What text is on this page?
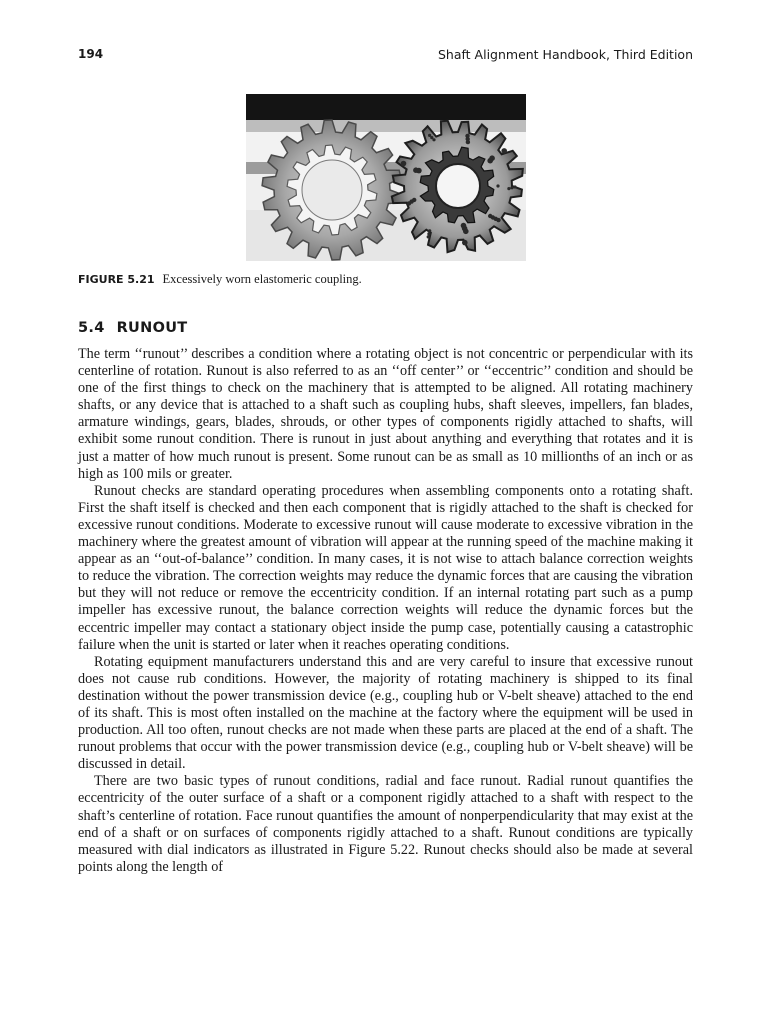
194	Shaft Alignment Handbook, Third Edition
FIGURE 5.21 Excessively worn elastomeric coupling.
5.4 RUNOUT

The term ‘‘runout’’ describes a condition where a rotating object is not concentric or perpendicular with its centerline of rotation. Runout is also referred to as an ‘‘off center’’ or ‘‘eccentric’’ condition and should be one of the first things to check on the machinery that is attempted to be aligned. All rotating machinery shafts, or any device that is attached to a shaft such as coupling hubs, shaft sleeves, impellers, fan blades, armature windings, gears, blades, shrouds, or other types of components rigidly attached to shafts, will exhibit some runout condition. There is runout in just about anything and everything that rotates and it is just a matter of how much runout is present. Some runout can be as small as 10 millionths of an inch or as high as 100 mils or greater.

Runout checks are standard operating procedures when assembling components onto a rotating shaft. First the shaft itself is checked and then each component that is rigidly attached to the shaft is checked for excessive runout conditions. Moderate to excessive runout will cause moderate to excessive vibration in the machinery where the greatest amount of vibration will appear at the running speed of the machine making it appear as an ‘‘out-of-balance’’ condition. In many cases, it is not wise to attach balance correction weights to reduce the vibration. The correction weights may reduce the dynamic forces that are causing the vibration but they will not reduce or remove the eccentricity condition. If an internal rotating part such as a pump impeller has excessive runout, the balance correction weights will reduce the dynamic forces but the eccentric impeller may contact a stationary object inside the pump case, potentially causing a catastrophic failure when the unit is started or later when it reaches operating conditions.

Rotating equipment manufacturers understand this and are very careful to insure that excessive runout does not cause rub conditions. However, the majority of rotating machinery is shipped to its final destination without the power transmission device (e.g., coupling hub or V-belt sheave) attached to the end of its shaft. This is most often installed on the machine at the factory where the equipment will be used in production. All too often, runout checks are not made when these parts are placed at the end of a shaft. The runout problems that occur with the power transmission device (e.g., coupling hub or V-belt sheave) will be discussed in detail.

There are two basic types of runout conditions, radial and face runout. Radial runout quantifies the eccentricity of the outer surface of a shaft or a component rigidly attached to a shaft with respect to the shaft’s centerline of rotation. Face runout quantifies the amount of nonperpendicularity that may exist at the end of a shaft or on surfaces of components rigidly attached to a shaft. Runout conditions are typically measured with dial indicators as illustrated in Figure 5.22. Runout checks should also be made at several points along the length of
